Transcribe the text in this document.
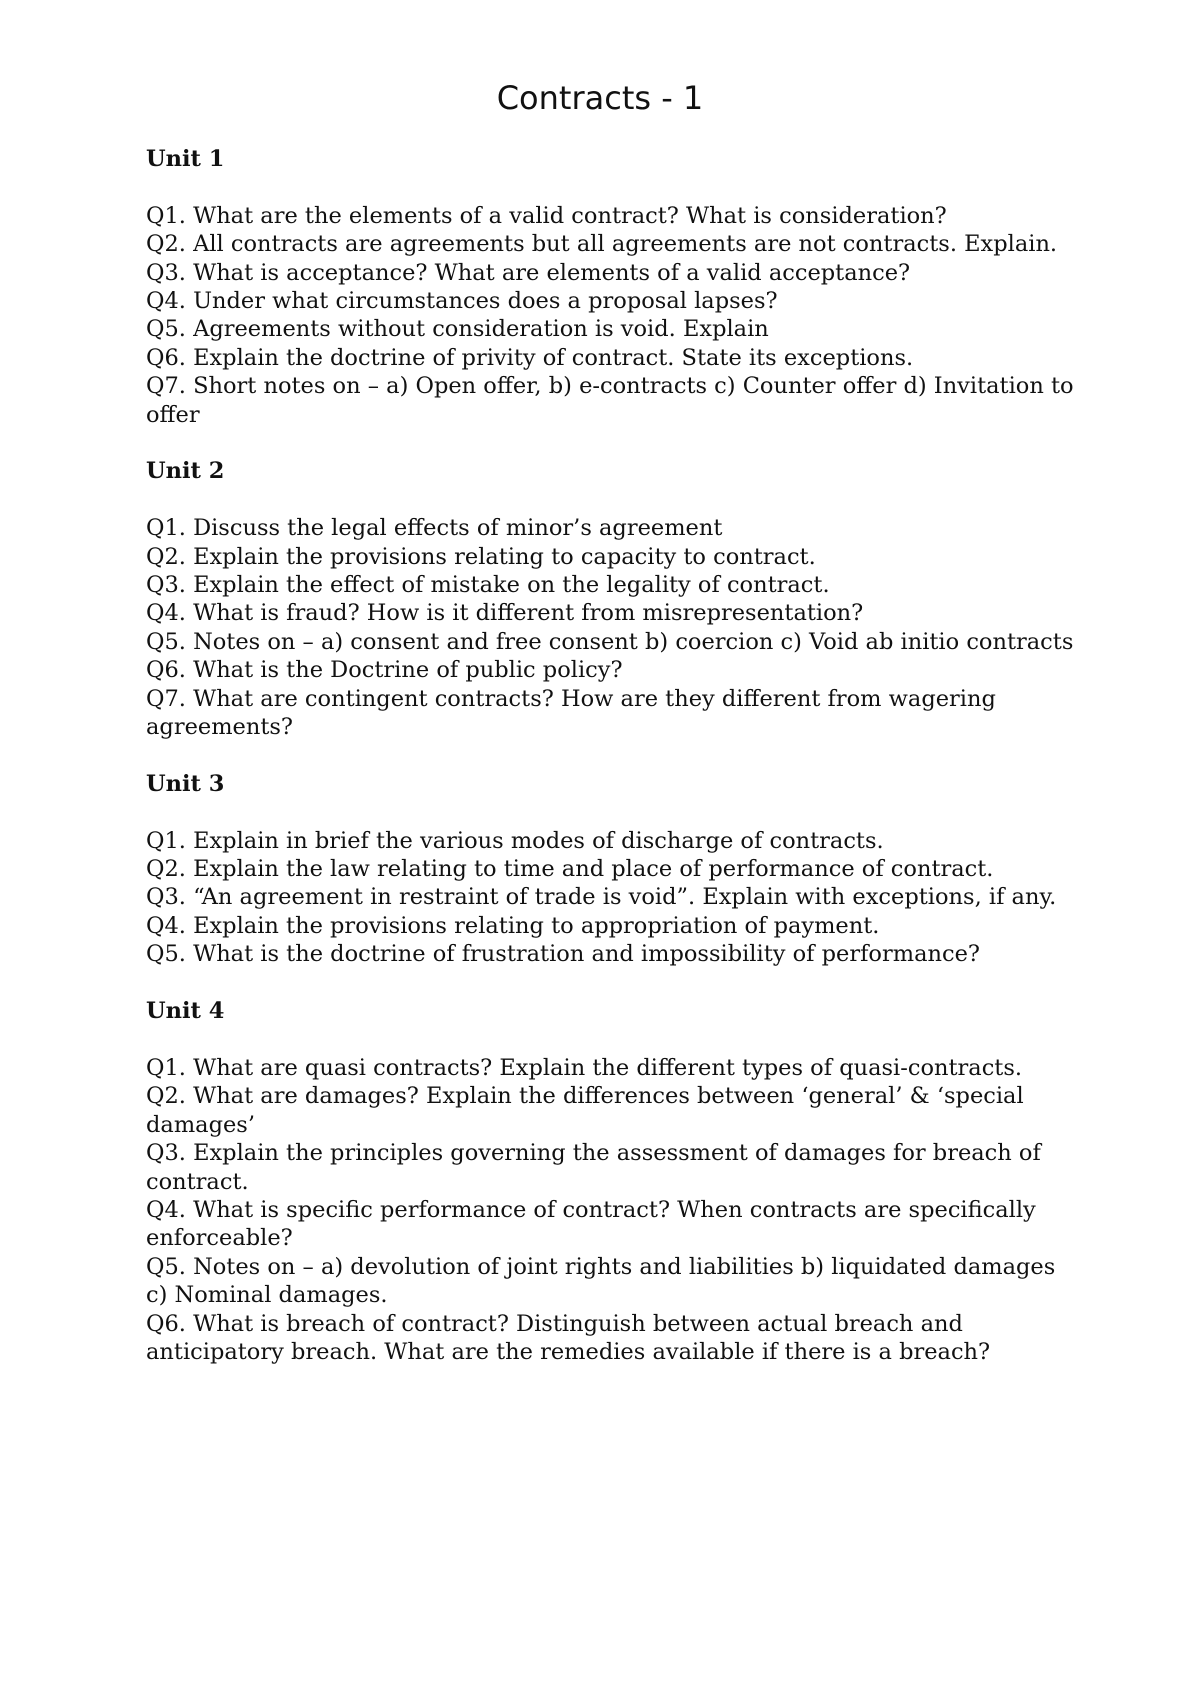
Contracts - 1
Unit 1
Q1. What are the elements of a valid contract? What is consideration?
Q2. All contracts are agreements but all agreements are not contracts. Explain.
Q3. What is acceptance? What are elements of a valid acceptance?
Q4. Under what circumstances does a proposal lapses?
Q5. Agreements without consideration is void. Explain
Q6. Explain the doctrine of privity of contract. State its exceptions.
Q7. Short notes on – a) Open offer, b) e-contracts c) Counter offer d) Invitation to offer
Unit 2
Q1. Discuss the legal effects of minor’s agreement
Q2. Explain the provisions relating to capacity to contract.
Q3. Explain the effect of mistake on the legality of contract.
Q4. What is fraud? How is it different from misrepresentation?
Q5. Notes on – a) consent and free consent b) coercion c) Void ab initio contracts
Q6. What is the Doctrine of public policy?
Q7. What are contingent contracts? How are they different from wagering agreements?
Unit 3
Q1. Explain in brief the various modes of discharge of contracts.
Q2. Explain the law relating to time and place of performance of contract.
Q3. “An agreement in restraint of trade is void”. Explain with exceptions, if any.
Q4. Explain the provisions relating to appropriation of payment.
Q5. What is the doctrine of frustration and impossibility of performance?
Unit 4
Q1. What are quasi contracts? Explain the different types of quasi-contracts.
Q2. What are damages? Explain the differences between ‘general’ & ‘special damages’
Q3. Explain the principles governing the assessment of damages for breach of contract.
Q4. What is specific performance of contract? When contracts are specifically enforceable?
Q5. Notes on – a) devolution of joint rights and liabilities b) liquidated damages c) Nominal damages.
Q6. What is breach of contract? Distinguish between actual breach and anticipatory breach. What are the remedies available if there is a breach?
